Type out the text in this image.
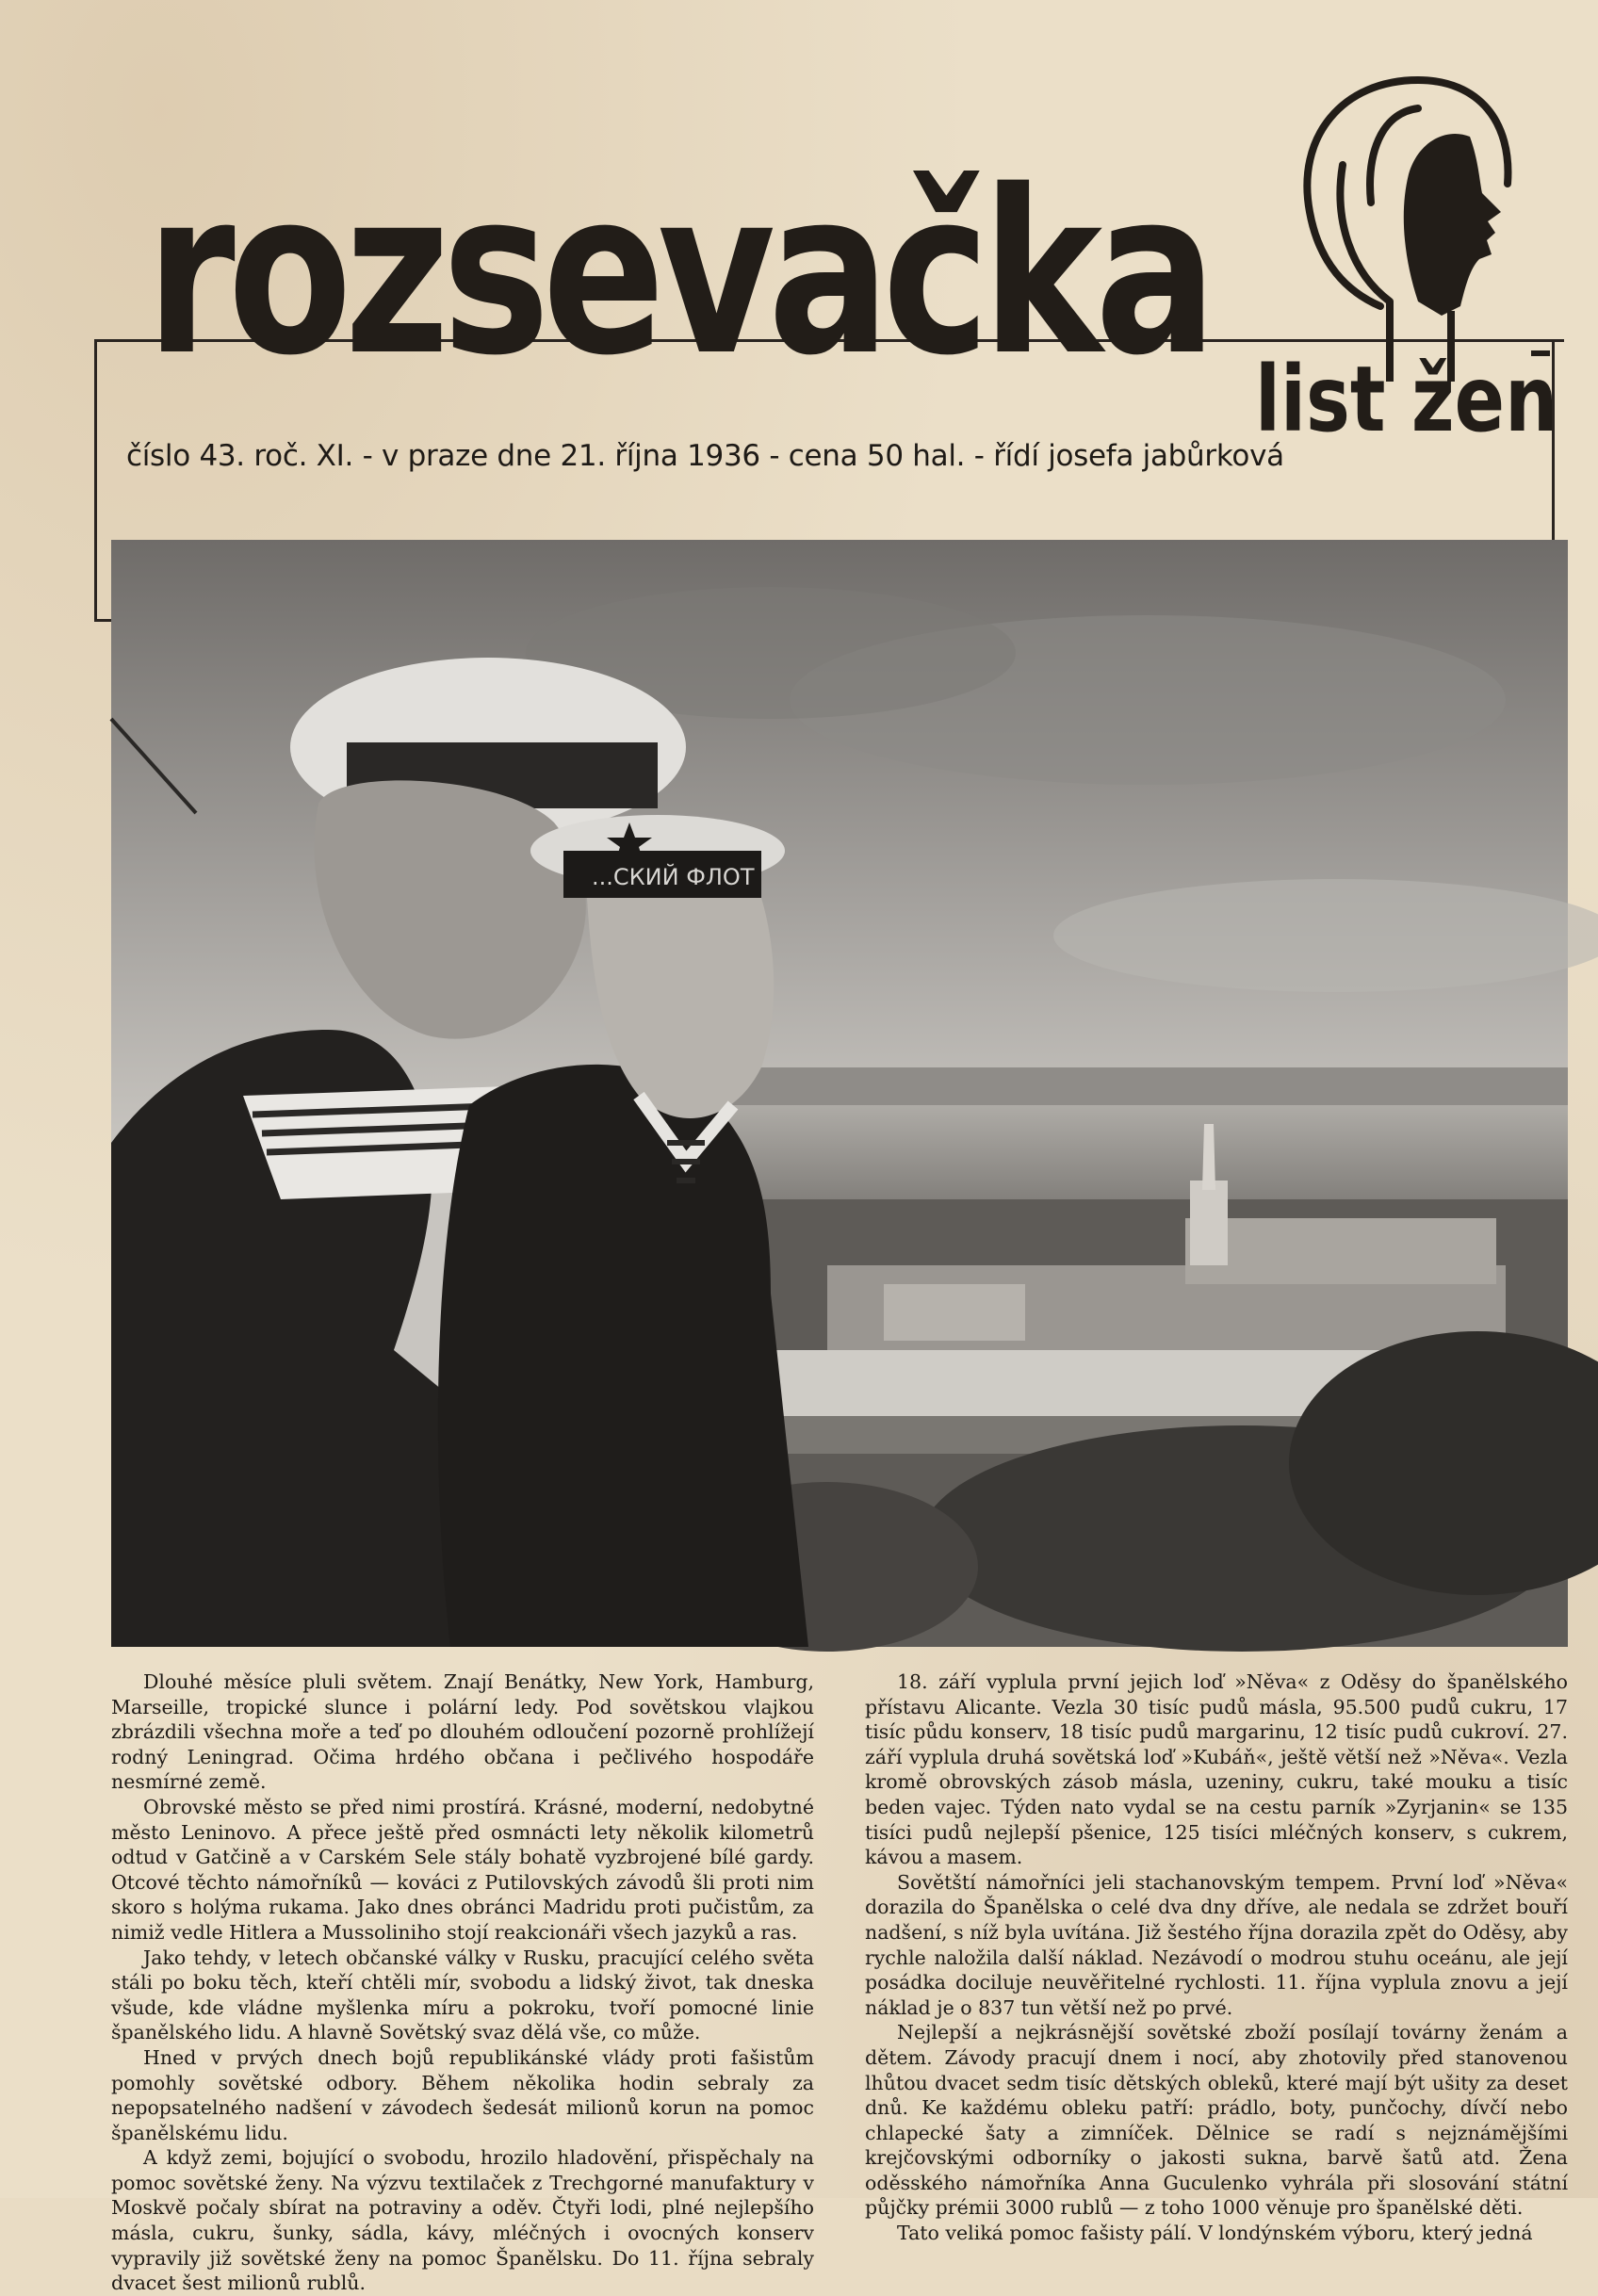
rozsevačka
číslo 43. roč. XI. - v praze dne 21. října 1936 - cena 50 hal. - řídí josefa jabůrková
list žen
...СКИЙ ФЛОТ

Dlouhé měsíce pluli světem. Znají Benátky, New York, Hamburg, Marseille, tropické slunce i polární ledy. Pod sovětskou vlajkou zbrázdili všechna moře a teď po dlouhém odloučení pozorně prohlížejí rodný Leningrad. Očima hrdého občana i pečlivého hospodáře nesmírné země.

Obrovské město se před nimi prostírá. Krásné, moderní, nedobytné město Leninovo. A přece ještě před osmnácti lety několik kilometrů odtud v Gatčině a v Carském Sele stály bohatě vyzbrojené bílé gardy. Otcové těchto námořníků — kováci z Putilovských závodů šli proti nim skoro s holýma rukama. Jako dnes obránci Madridu proti pučistům, za nimiž vedle Hitlera a Mussoliniho stojí reakcionáři všech jazyků a ras.

Jako tehdy, v letech občanské války v Rusku, pracující celého světa stáli po boku těch, kteří chtěli mír, svobodu a lidský život, tak dneska všude, kde vládne myšlenka míru a pokroku, tvoří pomocné linie španělského lidu. A hlavně Sovětský svaz dělá vše, co může.

Hned v prvých dnech bojů republikánské vlády proti fašistům pomohly sovětské odbory. Během několika hodin sebraly za nepopsatelného nadšení v závodech šedesát milionů korun na pomoc španělskému lidu.

A když zemi, bojující o svobodu, hrozilo hladovění, přispěchaly na pomoc sovětské ženy. Na výzvu textilaček z Trechgorné manufaktury v Moskvě počaly sbírat na potraviny a oděv. Čtyři lodi, plné nejlepšího másla, cukru, šunky, sádla, kávy, mléčných i ovocných konserv vypravily již sovětské ženy na pomoc Španělsku. Do 11. října sebraly dvacet šest milionů rublů.

18. září vyplula první jejich loď »Něva« z Oděsy do španělského přístavu Alicante. Vezla 30 tisíc pudů másla, 95.500 pudů cukru, 17 tisíc půdu konserv, 18 tisíc pudů margarinu, 12 tisíc pudů cukroví. 27. září vyplula druhá sovětská loď »Kubáň«, ještě větší než »Něva«. Vezla kromě obrovských zásob másla, uzeniny, cukru, také mouku a tisíc beden vajec. Týden nato vydal se na cestu parník »Zyrjanin« se 135 tisíci pudů nejlepší pšenice, 125 tisíci mléčných konserv, s cukrem, kávou a masem.

Sovětští námořníci jeli stachanovským tempem. První loď »Něva« dorazila do Španělska o celé dva dny dříve, ale nedala se zdržet bouří nadšení, s níž byla uvítána. Již šestého října dorazila zpět do Oděsy, aby rychle naložila další náklad. Nezávodí o modrou stuhu oceánu, ale její posádka dociluje neuvěřitelné rychlosti. 11. října vyplula znovu a její náklad je o 837 tun větší než po prvé.

Nejlepší a nejkrásnější sovětské zboží posílají továrny ženám a dětem. Závody pracují dnem i nocí, aby zhotovily před stanovenou lhůtou dvacet sedm tisíc dětských obleků, které mají být ušity za deset dnů. Ke každému obleku patří: prádlo, boty, punčochy, dívčí nebo chlapecké šaty a zimníček. Dělnice se radí s nejznámějšími krejčovskými odborníky o jakosti sukna, barvě šatů atd. Žena oděsského námořníka Anna Guculenko vyhrála při slosování státní půjčky prémii 3000 rublů — z toho 1000 věnuje pro španělské děti.

Tato veliká pomoc fašisty pálí. V londýnském výboru, který jedná
